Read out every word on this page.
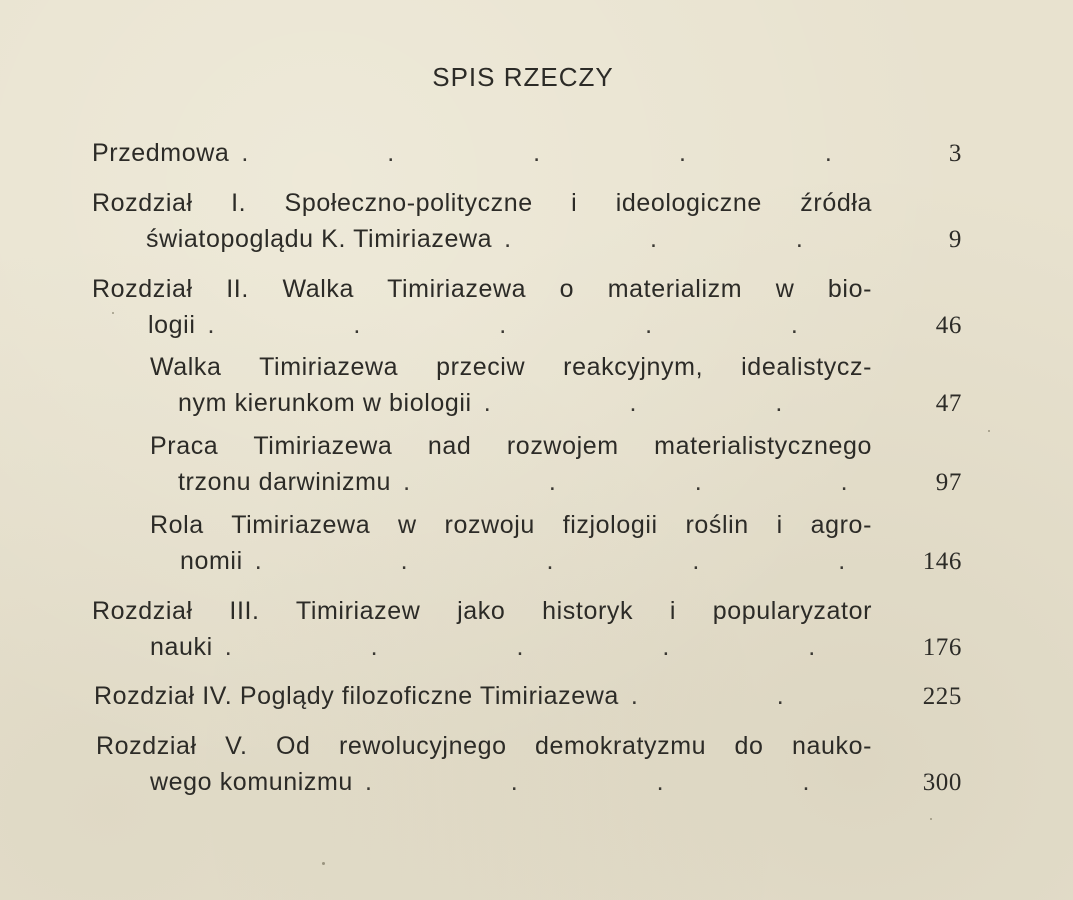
SPIS RZECZY
Przedmowa .	3
Rozdział I. Społeczno-polityczne i ideologiczne źródła
światopoglądu K. Timiriazewa .	9
Rozdział II. Walka Timiriazewa o materializm w bio-
logii .	46
Walka Timiriazewa przeciw reakcyjnym, idealistycz-
nym kierunkom w biologii .	47
Praca Timiriazewa nad rozwojem materialistycznego
trzonu darwinizmu .	97
Rola Timiriazewa w rozwoju fizjologii roślin i agro-
nomii .	146
Rozdział III. Timiriazew jako historyk i popularyzator
nauki .	176
Rozdział IV. Poglądy filozoficzne Timiriazewa .	225
Rozdział V. Od rewolucyjnego demokratyzmu do nauko-
wego komunizmu .	300
